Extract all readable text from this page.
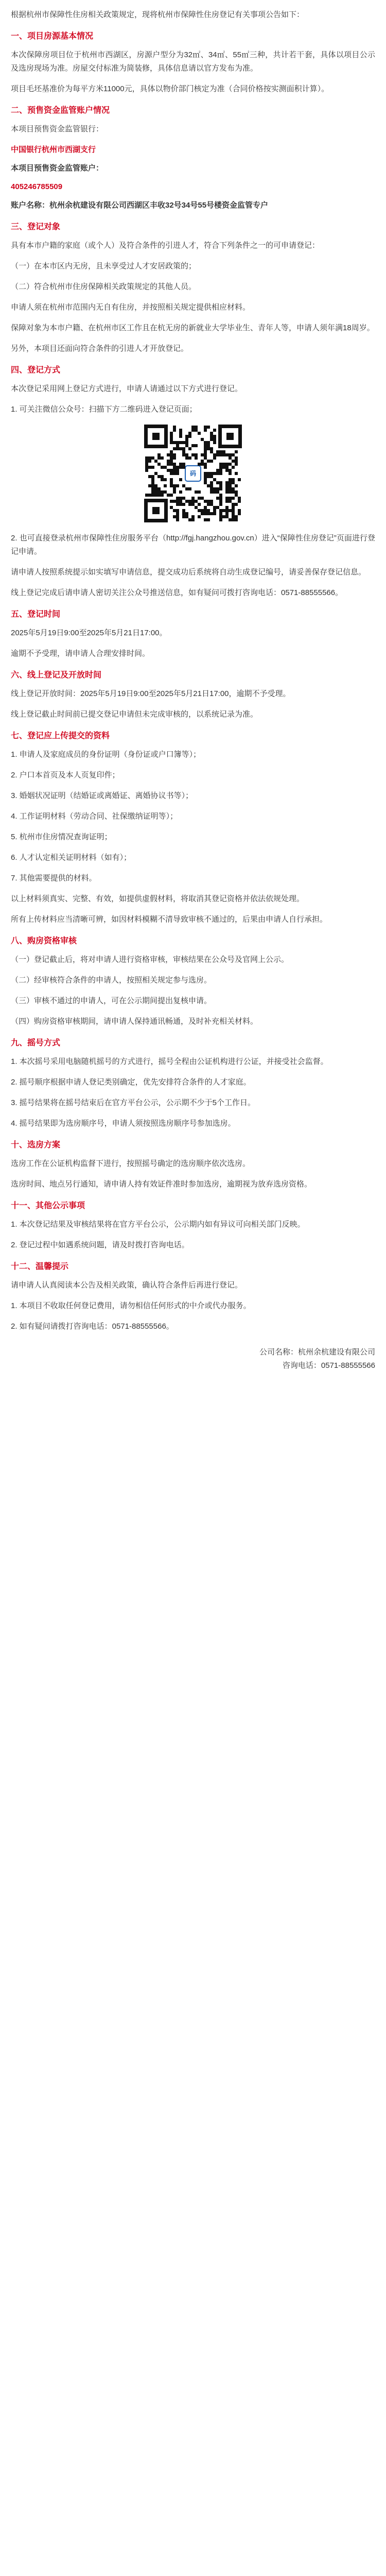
根据杭州市保障性住房相关政策规定，现将杭州市保障性住房登记有关事项公告如下：

一、项目房源基本情况

本次保障房项目位于杭州市西湖区，房源户型分为32㎡、34㎡、55㎡三种，共计若干套，具体以项目公示及选房现场为准。房屋交付标准为简装修，具体信息请以官方发布为准。

项目毛坯基准价为每平方米11000元，具体以物价部门核定为准（合同价格按实测面积计算）。

二、预售资金监管账户情况

本项目预售资金监管银行：

中国银行杭州市西湖支行

本项目预售资金监管账户：

405246785509

账户名称：杭州余杭建设有限公司西湖区丰收32号34号55号楼资金监管专户

三、登记对象

具有本市户籍的家庭（或个人）及符合条件的引进人才，符合下列条件之一的可申请登记：

（一）在本市区内无房，且未享受过人才安居政策的；

（二）符合杭州市住房保障相关政策规定的其他人员。

申请人须在杭州市范围内无自有住房，并按照相关规定提供相应材料。

保障对象为本市户籍、在杭州市区工作且在杭无房的新就业大学毕业生、青年人等，申请人须年满18周岁。

另外，本项目还面向符合条件的引进人才开放登记。

四、登记方式

本次登记采用网上登记方式进行，申请人请通过以下方式进行登记。

1. 可关注微信公众号：扫描下方二维码进入登记页面；

码

2. 也可直接登录杭州市保障性住房服务平台（http://fgj.hangzhou.gov.cn）进入“保障性住房登记”页面进行登记申请。

请申请人按照系统提示如实填写申请信息，提交成功后系统将自动生成登记编号，请妥善保存登记信息。

线上登记完成后请申请人密切关注公众号推送信息，如有疑问可拨打咨询电话：0571-88555566。

五、登记时间

2025年5月19日9:00至2025年5月21日17:00。

逾期不予受理，请申请人合理安排时间。

六、线上登记及开放时间

线上登记开放时间：2025年5月19日9:00至2025年5月21日17:00，逾期不予受理。

线上登记截止时间前已提交登记申请但未完成审核的，以系统记录为准。

七、登记应上传提交的资料

1. 申请人及家庭成员的身份证明（身份证或户口簿等）；

2. 户口本首页及本人页复印件；

3. 婚姻状况证明（结婚证或离婚证、离婚协议书等）；

4. 工作证明材料（劳动合同、社保缴纳证明等）；

5. 杭州市住房情况查询证明；

6. 人才认定相关证明材料（如有）；

7. 其他需要提供的材料。

以上材料须真实、完整、有效，如提供虚假材料，将取消其登记资格并依法依规处理。

所有上传材料应当清晰可辨，如因材料模糊不清导致审核不通过的，后果由申请人自行承担。

八、购房资格审核

（一）登记截止后，将对申请人进行资格审核，审核结果在公众号及官网上公示。

（二）经审核符合条件的申请人，按照相关规定参与选房。

（三）审核不通过的申请人，可在公示期间提出复核申请。

（四）购房资格审核期间，请申请人保持通讯畅通，及时补充相关材料。

九、摇号方式

1. 本次摇号采用电脑随机摇号的方式进行，摇号全程由公证机构进行公证，并接受社会监督。

2. 摇号顺序根据申请人登记类别确定，优先安排符合条件的人才家庭。

3. 摇号结果将在摇号结束后在官方平台公示，公示期不少于5个工作日。

4. 摇号结果即为选房顺序号，申请人须按照选房顺序号参加选房。

十、选房方案

选房工作在公证机构监督下进行，按照摇号确定的选房顺序依次选房。

选房时间、地点另行通知，请申请人持有效证件准时参加选房，逾期视为放弃选房资格。

十一、其他公示事项

1. 本次登记结果及审核结果将在官方平台公示，公示期内如有异议可向相关部门反映。

2. 登记过程中如遇系统问题，请及时拨打咨询电话。

十二、温馨提示

请申请人认真阅读本公告及相关政策，确认符合条件后再进行登记。

1. 本项目不收取任何登记费用，请勿相信任何形式的中介或代办服务。

2. 如有疑问请拨打咨询电话：0571-88555566。

公司名称：杭州余杭建设有限公司
咨询电话：0571-88555566
